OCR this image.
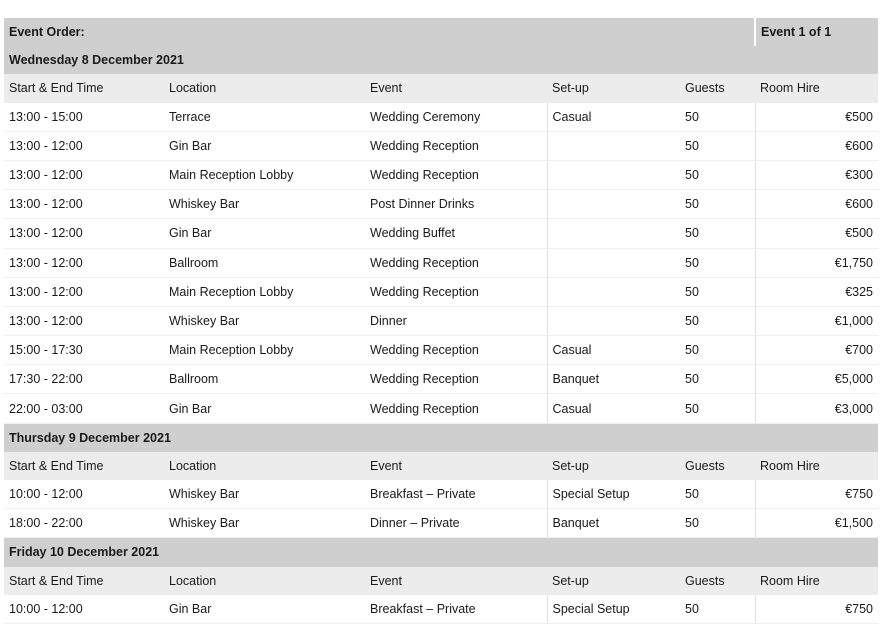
Event Order:					Event 1 of 1
Wednesday 8 December 2021					
Start & End Time	Location	Event	Set-up	Guests	Room Hire
13:00 - 15:00	Terrace	Wedding Ceremony	Casual	50	€500
13:00 - 12:00	Gin Bar	Wedding Reception		50	€600
13:00 - 12:00	Main Reception Lobby	Wedding Reception		50	€300
13:00 - 12:00	Whiskey Bar	Post Dinner Drinks		50	€600
13:00 - 12:00	Gin Bar	Wedding Buffet		50	€500
13:00 - 12:00	Ballroom	Wedding Reception		50	€1,750
13:00 - 12:00	Main Reception Lobby	Wedding Reception		50	€325
13:00 - 12:00	Whiskey Bar	Dinner		50	€1,000
15:00 - 17:30	Main Reception Lobby	Wedding Reception	Casual	50	€700
17:30 - 22:00	Ballroom	Wedding Reception	Banquet	50	€5,000
22:00 - 03:00	Gin Bar	Wedding Reception	Casual	50	€3,000
Thursday 9 December 2021					
Start & End Time	Location	Event	Set-up	Guests	Room Hire
10:00 - 12:00	Whiskey Bar	Breakfast – Private	Special Setup	50	€750
18:00 - 22:00	Whiskey Bar	Dinner – Private	Banquet	50	€1,500
Friday 10 December 2021					
Start & End Time	Location	Event	Set-up	Guests	Room Hire
10:00 - 12:00	Gin Bar	Breakfast – Private	Special Setup	50	€750
